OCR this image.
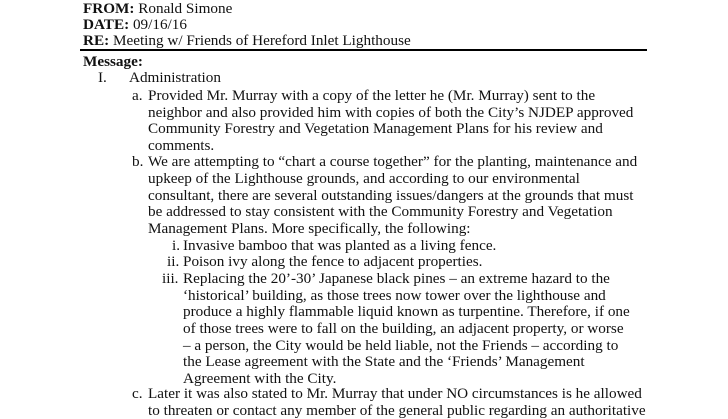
FROM: Ronald Simone
DATE: 09/16/16
RE: Meeting w/ Friends of Hereford Inlet Lighthouse
Message:
I. Administration
a. Provided Mr. Murray with a copy of the letter he (Mr. Murray) sent to the
neighbor and also provided him with copies of both the City’s NJDEP approved
Community Forestry and Vegetation Management Plans for his review and
comments.
b. We are attempting to “chart a course together” for the planting, maintenance and
upkeep of the Lighthouse grounds, and according to our environmental
consultant, there are several outstanding issues/dangers at the grounds that must
be addressed to stay consistent with the Community Forestry and Vegetation
Management Plans. More specifically, the following:
i. Invasive bamboo that was planted as a living fence.
ii. Poison ivy along the fence to adjacent properties.
iii. Replacing the 20’-30’ Japanese black pines – an extreme hazard to the
‘historical’ building, as those trees now tower over the lighthouse and
produce a highly flammable liquid known as turpentine. Therefore, if one
of those trees were to fall on the building, an adjacent property, or worse
– a person, the City would be held liable, not the Friends – according to
the Lease agreement with the State and the ‘Friends’ Management
Agreement with the City.
c. Later it was also stated to Mr. Murray that under NO circumstances is he allowed
to threaten or contact any member of the general public regarding an authoritative
